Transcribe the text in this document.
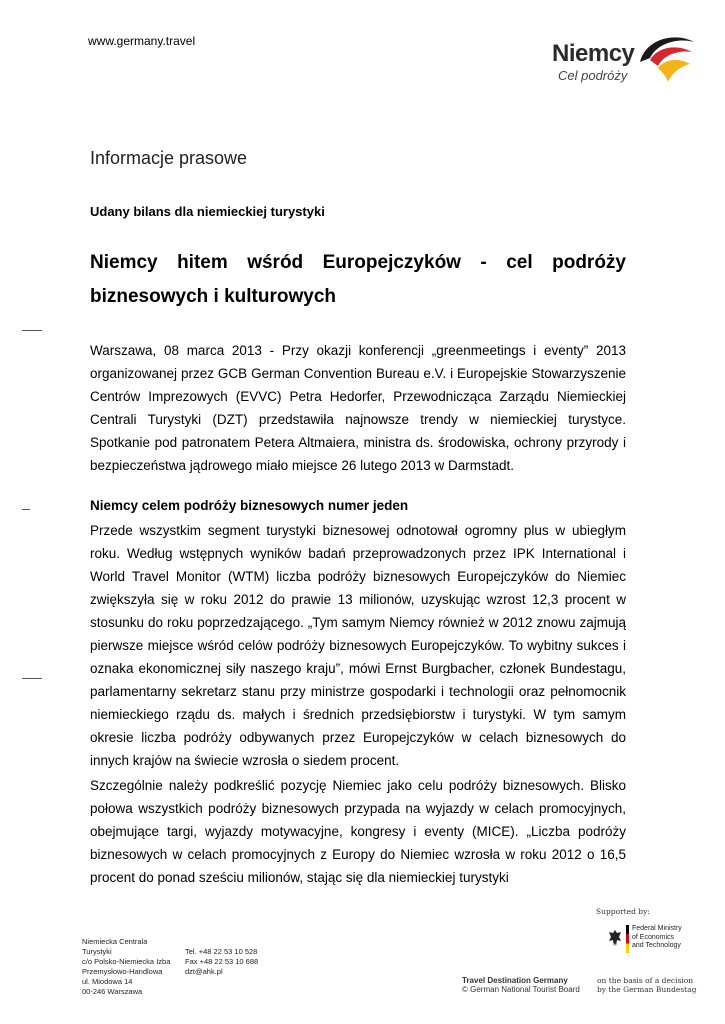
www.germany.travel	Niemcy
Cel podróży
Informacje prasowe
Udany bilans dla niemieckiej turystyki
Niemcy hitem wśród Europejczyków - cel podróży biznesowych i kulturowych
Warszawa, 08 marca 2013 - Przy okazji konferencji „greenmeetings i eventy” 2013 organizowanej przez GCB German Convention Bureau e.V. i Europejskie Stowarzyszenie Centrów Imprezowych (EVVC) Petra Hedorfer, Przewodnicząca Zarządu Niemieckiej Centrali Turystyki (DZT) przedstawiła najnowsze trendy w niemieckiej turystyce. Spotkanie pod patronatem Petera Altmaiera, ministra ds. środowiska, ochrony przyrody i bezpieczeństwa jądrowego miało miejsce 26 lutego 2013 w Darmstadt.
Niemcy celem podróży biznesowych numer jeden
Przede wszystkim segment turystyki biznesowej odnotował ogromny plus w ubiegłym roku. Według wstępnych wyników badań przeprowadzonych przez IPK International i World Travel Monitor (WTM) liczba podróży biznesowych Europejczyków do Niemiec zwiększyła się w roku 2012 do prawie 13 milionów, uzyskując wzrost 12,3 procent w stosunku do roku poprzedzającego. „Tym samym Niemcy również w 2012 znowu zajmują pierwsze miejsce wśród celów podróży biznesowych Europejczyków. To wybitny sukces i oznaka ekonomicznej siły naszego kraju”, mówi Ernst Burgbacher, członek Bundestagu, parlamentarny sekretarz stanu przy ministrze gospodarki i technologii oraz pełnomocnik niemieckiego rządu ds. małych i średnich przedsiębiorstw i turystyki. W tym samym okresie liczba podróży odbywanych przez Europejczyków w celach biznesowych do innych krajów na świecie wzrosła o siedem procent.
Szczególnie należy podkreślić pozycję Niemiec jako celu podróży biznesowych. Blisko połowa wszystkich podróży biznesowych przypada na wyjazdy w celach promocyjnych, obejmujące targi, wyjazdy motywacyjne, kongresy i eventy (MICE). „Liczba podróży biznesowych w celach promocyjnych z Europy do Niemiec wzrosła w roku 2012 o 16,5 procent do ponad sześciu milionów, stając się dla niemieckiej turystyki
Niemiecka Centrala
Turystyki
c/o Polsko-Niemiecka Izba
Przemysłowo-Handlowa
ul. Miodowa 14
00-246 Warszawa
Tel. +48 22 53 10 528
Fax +48 22 53 10 688
dzt@ahk.pl
Travel Destination Germany
© German National Tourist Board
Supported by:
Federal Ministry
of Economics
and Technology
on the basis of a decision
by the German Bundestag
